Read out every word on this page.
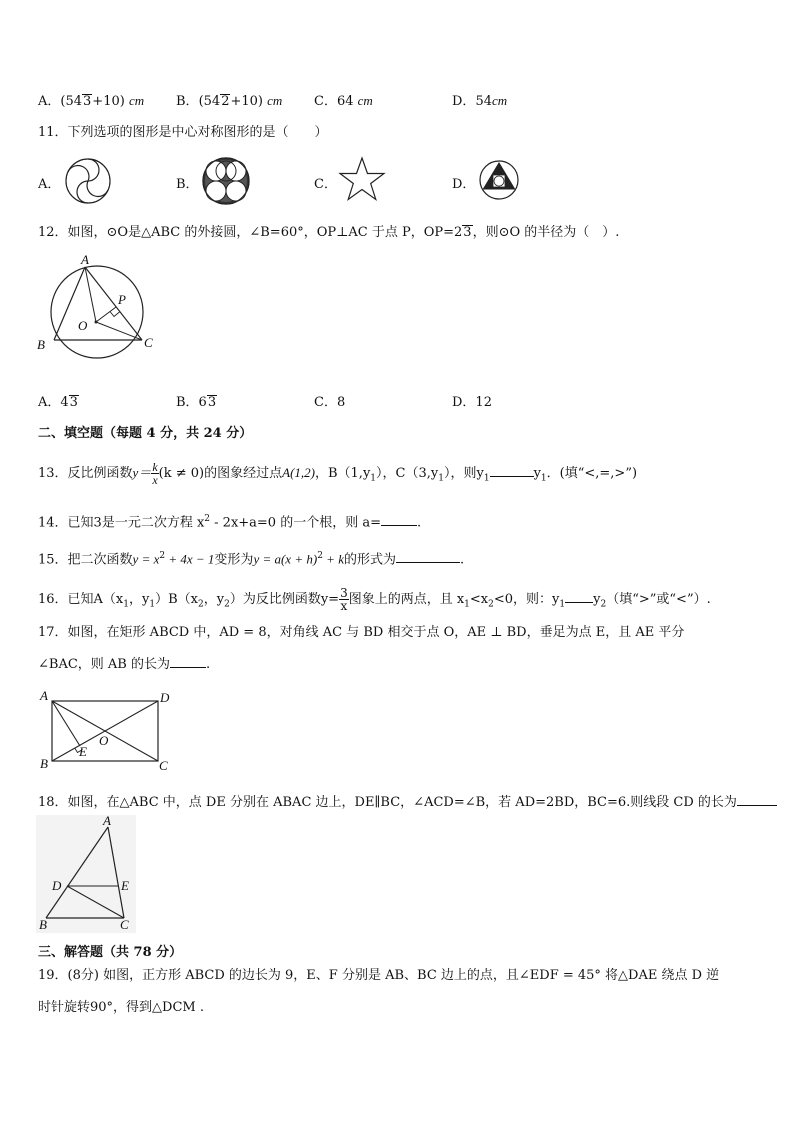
A．(543+10) cm B．(542+10) cm C．64 cm	D．54cm
11．下列选项的图形是中心对称图形的是（　　）
A．	B．	C．	D．
12．如图，⊙O是△ABC 的外接圆，∠B=60°，OP⊥AC 于点 P，OP=23，则⊙O 的半径为（　）.
A
P
O
B	C
A．43	B．63	C．8	D．12
二、填空题（每题 4 分，共 24 分）
13．反比例函数$y= \frac{k}{x} (k \ne 0)$的图象经过点A(1,2)，$B(1,y_1)$，$C(3,y_1)$，则$y_1$	$y_1$．(填“<,=,>”)
14．已知3是一元二次方程 $x^2 - 2x+a=0$ 的一个根，则 a=	.
15．把二次函数$y = x^2 + 4x - 1$变形为$y = a(x + h)^2 + k$的形式为	.
16．已知$A(x_1$，$y_1)B(x_2$，$y_2$）为反比例函数$y= \frac{3}{x}$ 图象上的两点，且 $x_1<x_2<0$，则：$y_1$ $y_2$（填“>”或“<”）.
17．如图，在矩形 ABCD 中，AD = 8，对角线 AC 与 BD 相交于点 O，AE ⊥ BD，垂足为点 E，且 AE 平分
∠BAC，则 AB 的长为	.
A	D
E
O
B	C
18．如图，在△ABC 中，点 DE 分别在 ABAC 边上，DE∥BC，∠ACD=∠B，若 AD=2BD，BC=6.则线段 CD 的长为
A
D	E
B	C
三、解答题（共 78 分）
19．(8分) 如图，正方形 ABCD 的边长为 9，E、F 分别是 AB、BC 边上的点，且∠EDF = 45° 将△DAE 绕点 D 逆
时针旋转90°，得到△DCM .
